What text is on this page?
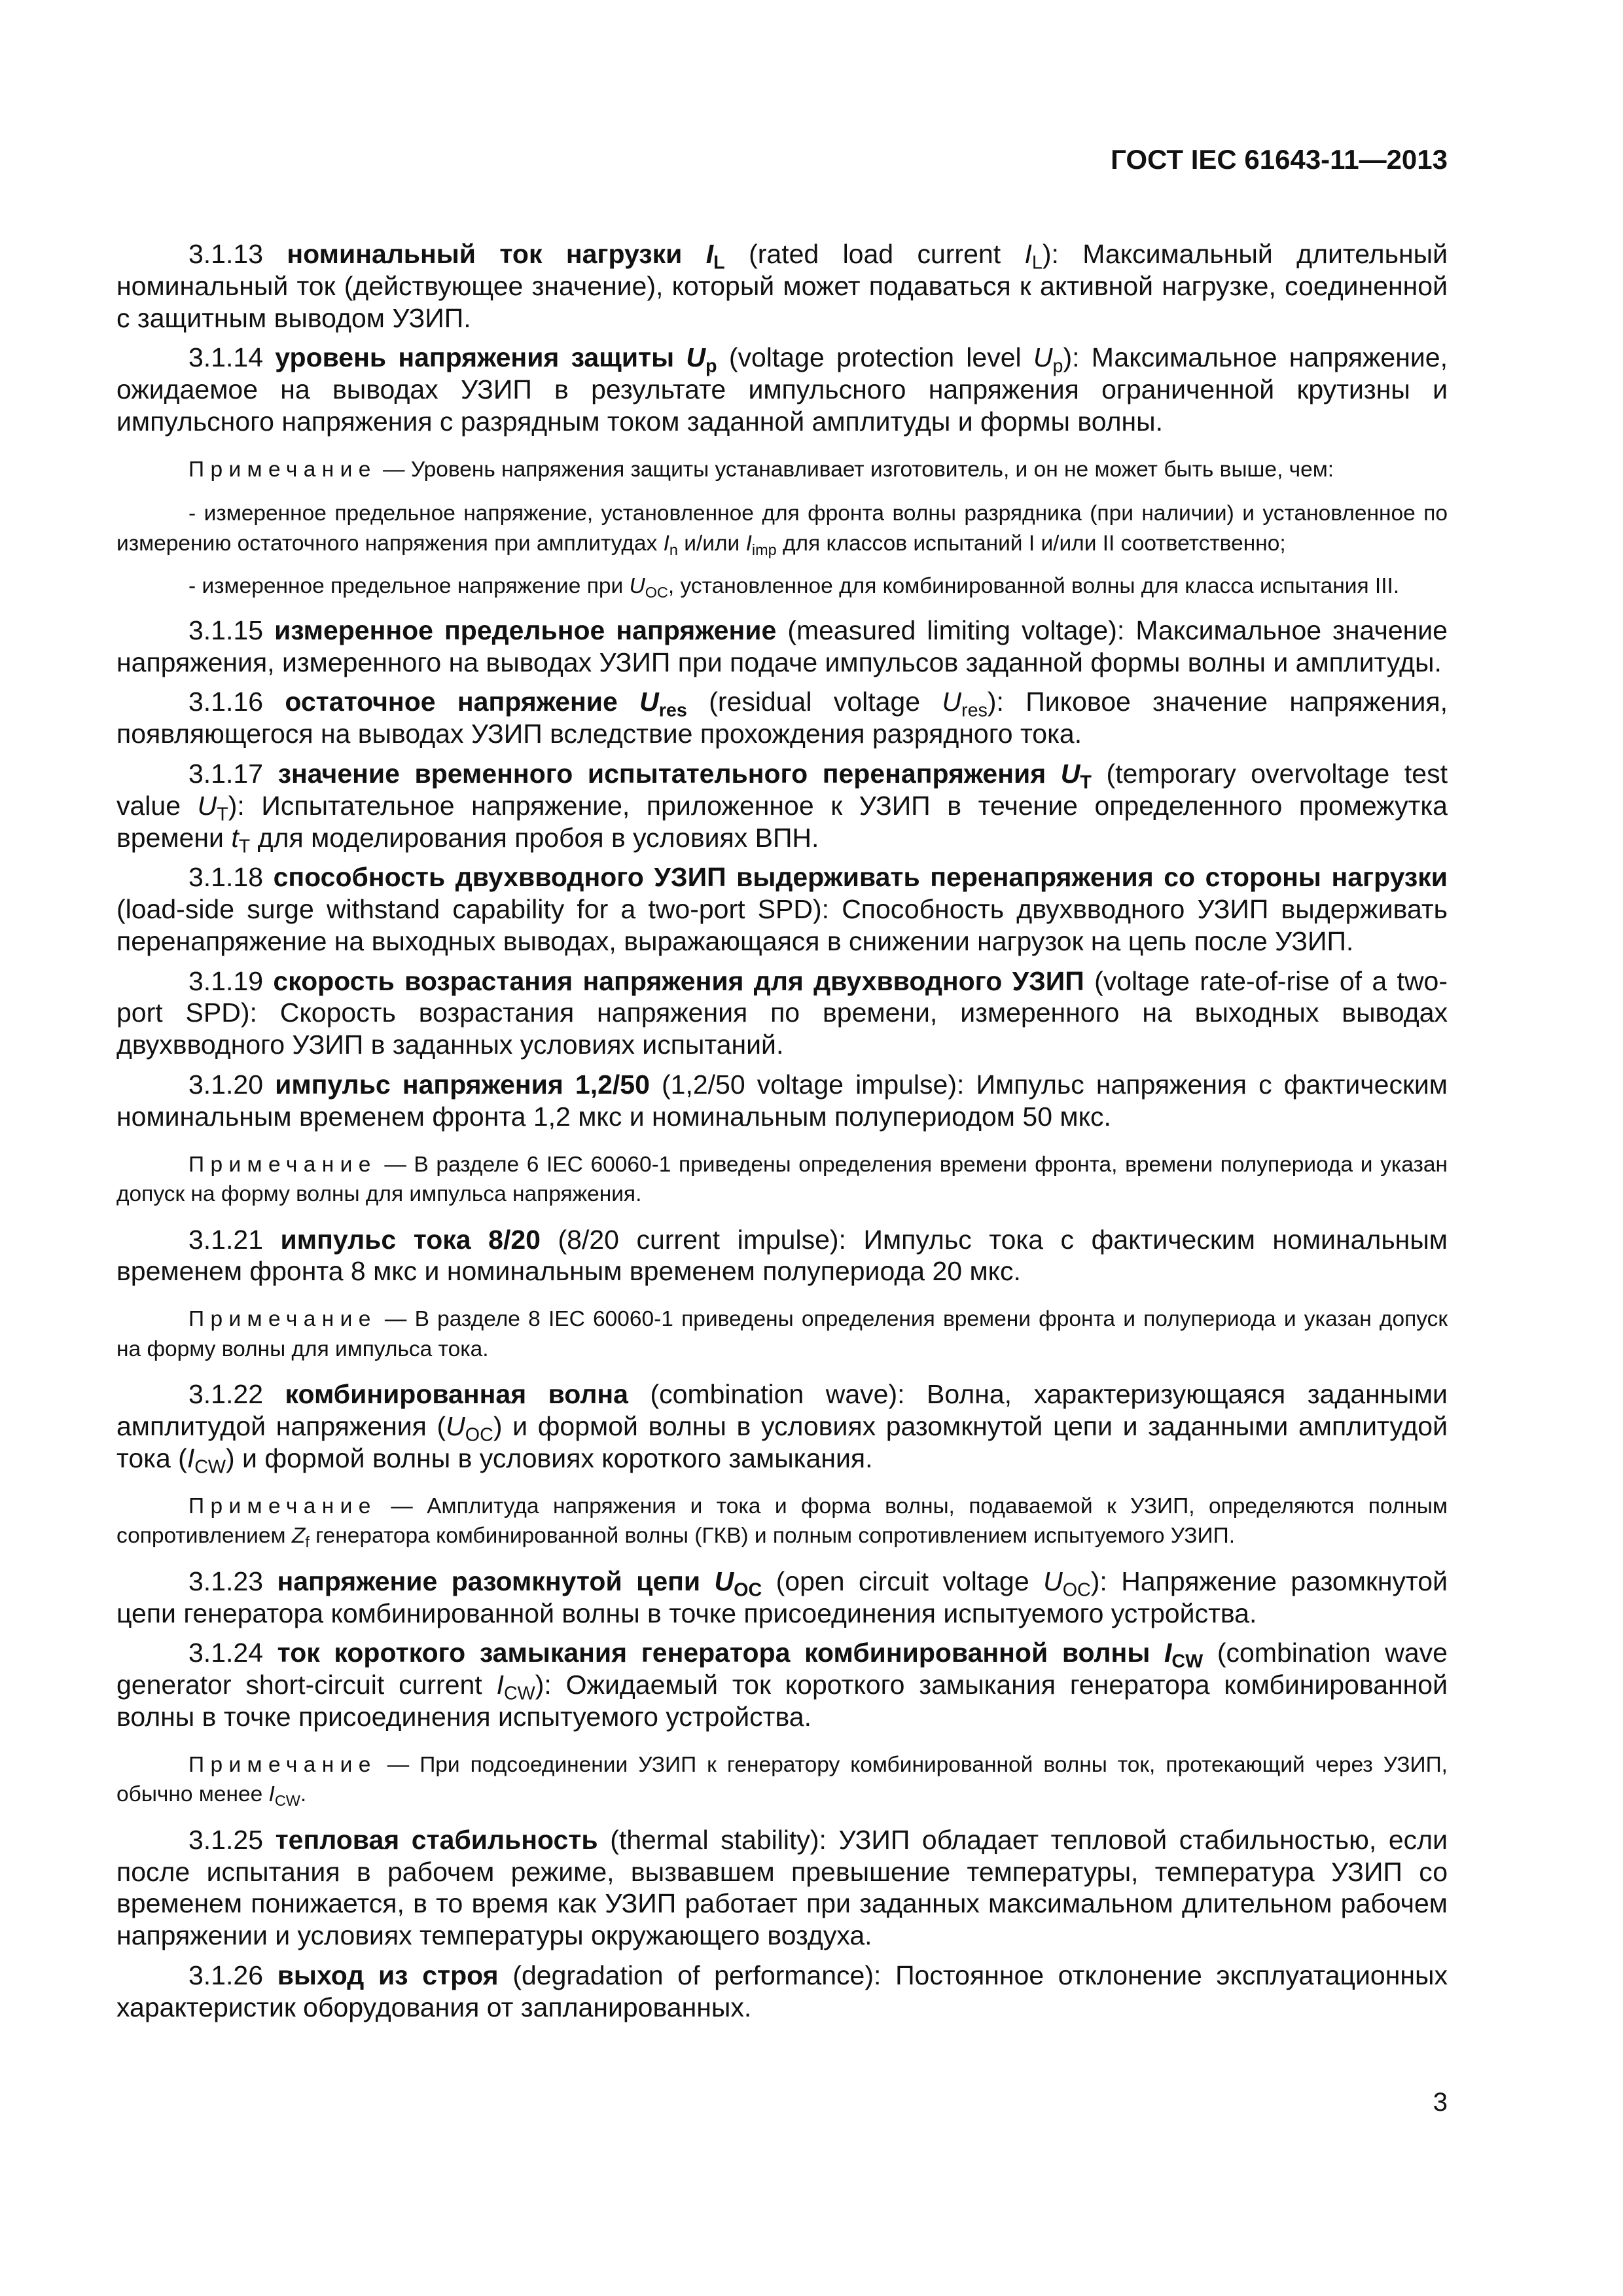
ГОСТ IEC 61643-11—2013

3.1.13 номинальный ток нагрузки $I_L$ (rated load current $I_L$): Максимальный длительный номинальный ток (действующее значение), который может подаваться к активной нагрузке, соединенной с защитным выводом УЗИП.

3.1.14 уровень напряжения защиты $U_p$ (voltage protection level $U_p$): Максимальное напряжение, ожидаемое на выводах УЗИП в результате импульсного напряжения ограниченной крутизны и импульсного напряжения с разрядным током заданной амплитуды и формы волны.

Примечание — Уровень напряжения защиты устанавливает изготовитель, и он не может быть выше, чем:

- измеренное предельное напряжение, установленное для фронта волны разрядника (при наличии) и установленное по измерению остаточного напряжения при амплитудах $I_n$ и/или $I_{imp}$ для классов испытаний I и/или II соответственно;

- измеренное предельное напряжение при $U_{OC}$, установленное для комбинированной волны для класса испытания III.

3.1.15 измеренное предельное напряжение (measured limiting voltage): Максимальное значение напряжения, измеренного на выводах УЗИП при подаче импульсов заданной формы волны и амплитуды.

3.1.16 остаточное напряжение $U_{res}$ (residual voltage $U_{res}$): Пиковое значение напряжения, появляющегося на выводах УЗИП вследствие прохождения разрядного тока.

3.1.17 значение временного испытательного перенапряжения $U_T$ (temporary overvoltage test value $U_T$): Испытательное напряжение, приложенное к УЗИП в течение определенного промежутка времени $t_T$ для моделирования пробоя в условиях ВПН.

3.1.18 способность двухвводного УЗИП выдерживать перенапряжения со стороны нагрузки (load-side surge withstand capability for a two-port SPD): Способность двухвводного УЗИП выдерживать перенапряжение на выходных выводах, выражающаяся в снижении нагрузок на цепь после УЗИП.

3.1.19 скорость возрастания напряжения для двухвводного УЗИП (voltage rate-of-rise of a two-port SPD): Скорость возрастания напряжения по времени, измеренного на выходных выводах двухвводного УЗИП в заданных условиях испытаний.

3.1.20 импульс напряжения 1,2/50 (1,2/50 voltage impulse): Импульс напряжения с фактическим номинальным временем фронта 1,2 мкс и номинальным полупериодом 50 мкс.

Примечание — В разделе 6 IEC 60060-1 приведены определения времени фронта, времени полупериода и указан допуск на форму волны для импульса напряжения.

3.1.21 импульс тока 8/20 (8/20 current impulse): Импульс тока с фактическим номинальным временем фронта 8 мкс и номинальным временем полупериода 20 мкс.

Примечание — В разделе 8 IEC 60060-1 приведены определения времени фронта и полупериода и указан допуск на форму волны для импульса тока.

3.1.22 комбинированная волна (combination wave): Волна, характеризующаяся заданными амплитудой напряжения $(U_{OC})$ и формой волны в условиях разомкнутой цепи и заданными амплитудой тока $(I_{CW})$ и формой волны в условиях короткого замыкания.

Примечание — Амплитуда напряжения и тока и форма волны, подаваемой к УЗИП, определяются полным сопротивлением $Z_f$ генератора комбинированной волны (ГКВ) и полным сопротивлением испытуемого УЗИП.

3.1.23 напряжение разомкнутой цепи $U_{OC}$ (open circuit voltage $U_{OC}$): Напряжение разомкнутой цепи генератора комбинированной волны в точке присоединения испытуемого устройства.

3.1.24 ток короткого замыкания генератора комбинированной волны $I_{CW}$ (combination wave generator short-circuit current $I_{CW}$): Ожидаемый ток короткого замыкания генератора комбинированной волны в точке присоединения испытуемого устройства.

Примечание — При подсоединении УЗИП к генератору комбинированной волны ток, протекающий через УЗИП, обычно менее $I_{CW}$.

3.1.25 тепловая стабильность (thermal stability): УЗИП обладает тепловой стабильностью, если после испытания в рабочем режиме, вызвавшем превышение температуры, температура УЗИП со временем понижается, в то время как УЗИП работает при заданных максимальном длительном рабочем напряжении и условиях температуры окружающего воздуха.

3.1.26 выход из строя (degradation of performance): Постоянное отклонение эксплуатационных характеристик оборудования от запланированных.

3
